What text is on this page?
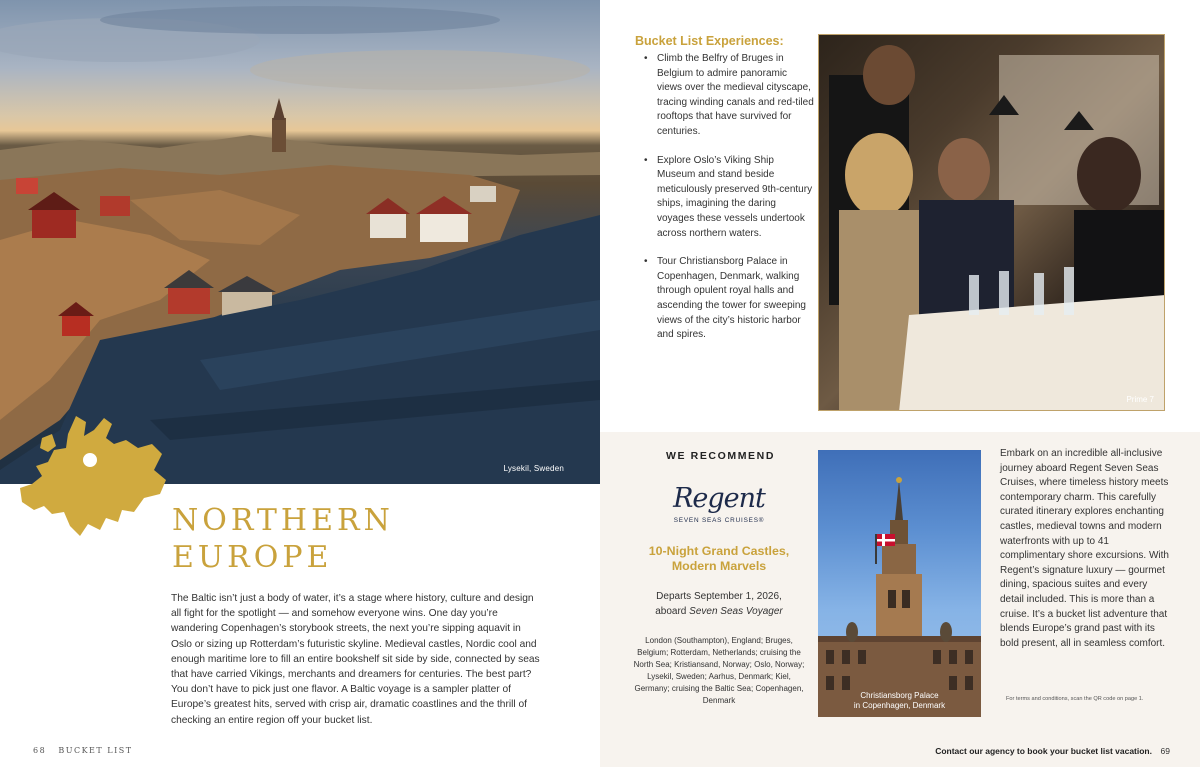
Lysekil, Sweden
NORTHERN
EUROPE

The Baltic isn’t just a body of water, it’s a stage where history, culture and design all fight for the spotlight — and somehow everyone wins. One day you’re wandering Copenhagen’s storybook streets, the next you’re sipping aquavit in Oslo or sizing up Rotterdam’s futuristic skyline. Medieval castles, Nordic cool and enough maritime lore to fill an entire bookshelf sit side by side, connected by seas that have carried Vikings, merchants and dreamers for centuries. The best part? You don’t have to pick just one flavor. A Baltic voyage is a sampler platter of Europe’s greatest hits, served with crisp air, dramatic coastlines and the thrill of checking an entire region off your bucket list.

68 BUCKET LIST
Bucket List Experiences:
• Climb the Belfry of Bruges in Belgium to admire panoramic views over the medieval cityscape, tracing winding canals and red-tiled rooftops that have survived for centuries.
• Explore Oslo’s Viking Ship Museum and stand beside meticulously preserved 9th-century ships, imagining the daring voyages these vessels undertook across northern waters.
• Tour Christiansborg Palace in Copenhagen, Denmark, walking through opulent royal halls and ascending the tower for sweeping views of the city’s historic harbor and spires.
Prime 7
WE RECOMMEND
Regent
SEVEN SEAS CRUISES®
10-Night Grand Castles, Modern Marvels
Departs September 1, 2026,
aboard Seven Seas Voyager
London (Southampton), England; Bruges, Belgium; Rotterdam, Netherlands; cruising the North Sea; Kristiansand, Norway; Oslo, Norway; Lysekil, Sweden; Aarhus, Denmark; Kiel, Germany; cruising the Baltic Sea; Copenhagen, Denmark
Christiansborg Palace
in Copenhagen, Denmark

Embark on an incredible all-inclusive journey aboard Regent Seven Seas Cruises, where timeless history meets contemporary charm. This carefully curated itinerary explores enchanting castles, medieval towns and modern waterfronts with up to 41 complimentary shore excursions. With Regent’s signature luxury — gourmet dining, spacious suites and every detail included. This is more than a cruise. It’s a bucket list adventure that blends Europe’s grand past with its bold present, all in seamless comfort.

For terms and conditions, scan the QR code on page 1.
Contact our agency to book your bucket list vacation. 69
